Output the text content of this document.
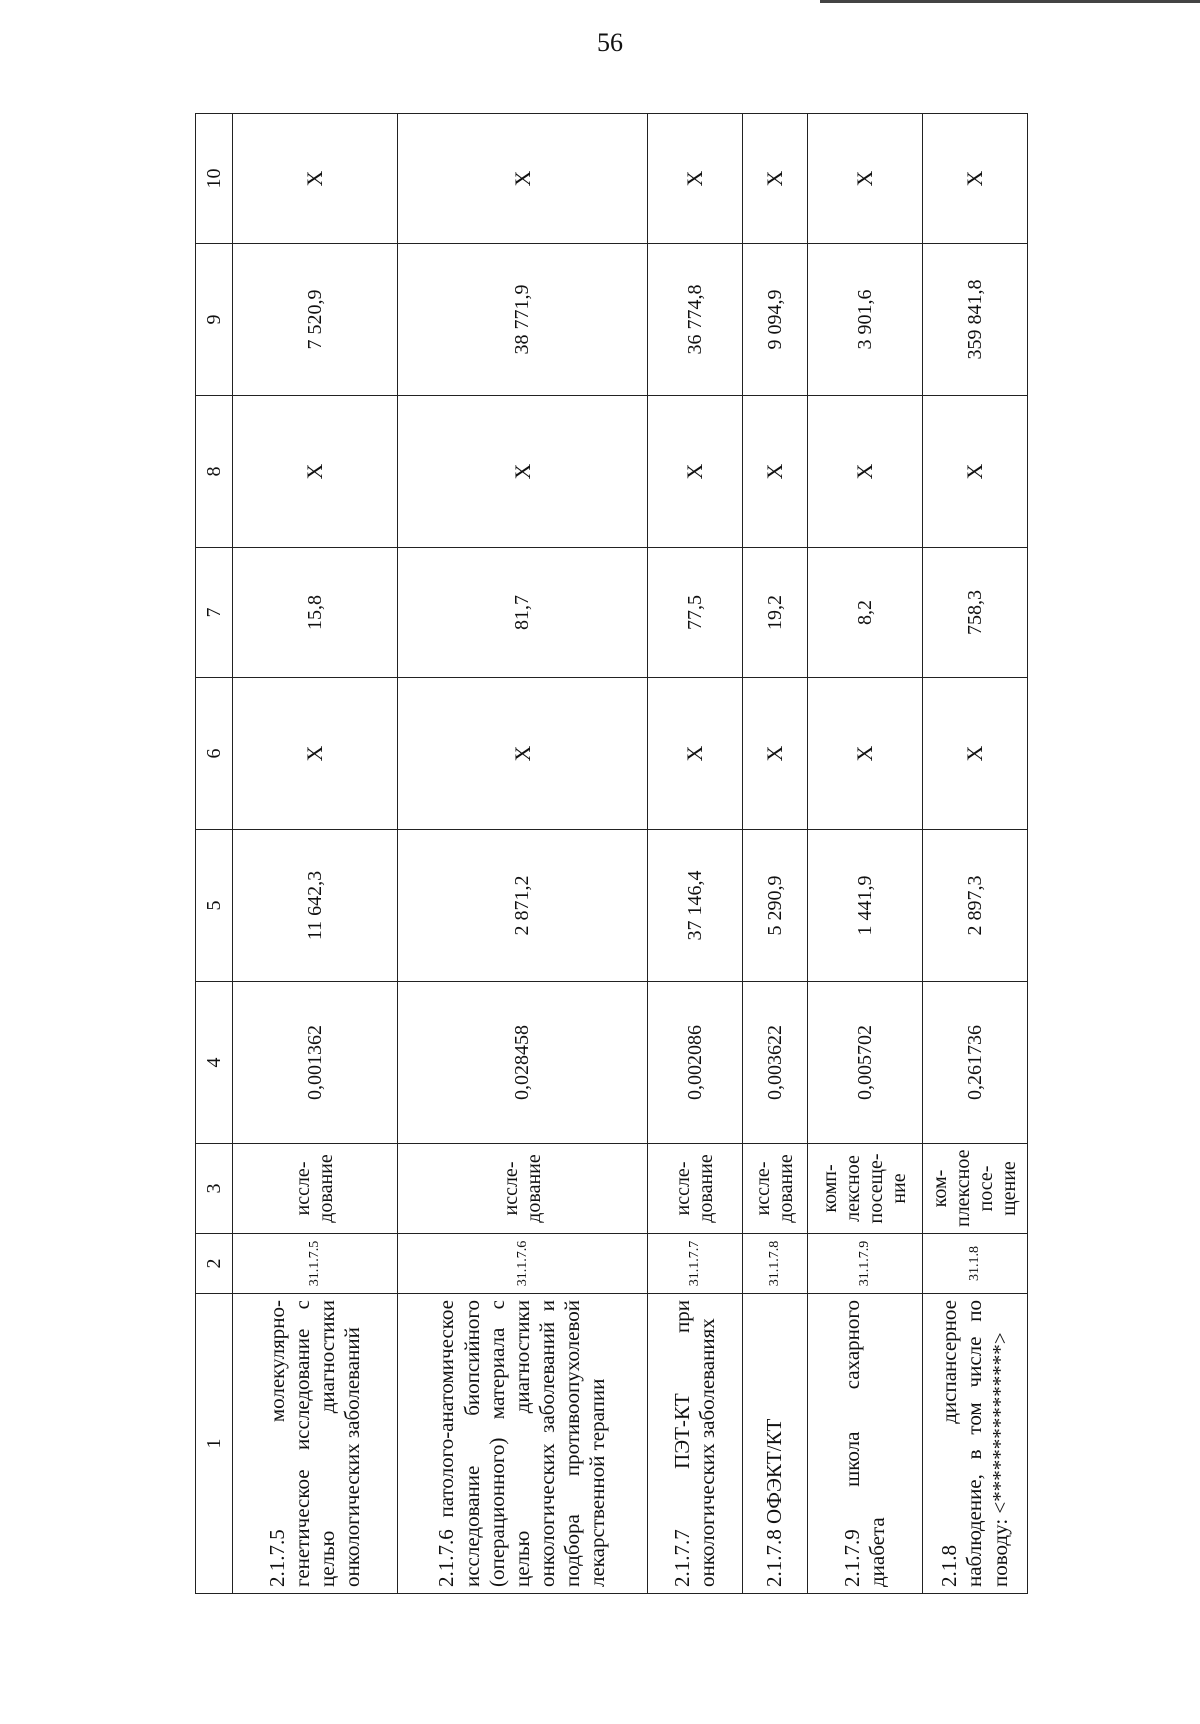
56
1	2	3	4	5	6	7	8	9	10
2.1.7.5 молекулярно-генетическое исследование с целью диагностики онкологических заболеваний	31.1.7.5	иссле-дование	0,001362	11 642,3	X	15,8	X	7 520,9	X
2.1.7.6 патолого-анатомическое исследование биопсийного (операционного) материала с целью диагностики онкологических заболеваний и подбора противоопухолевой лекарственной терапии	31.1.7.6	иссле-дование	0,028458	2 871,2	X	81,7	X	38 771,9	X
2.1.7.7 ПЭТ-КТ при онкологических заболеваниях	31.1.7.7	иссле-дование	0,002086	37 146,4	X	77,5	X	36 774,8	X
2.1.7.8 ОФЭКТ/КТ	31.1.7.8	иссле-дование	0,003622	5 290,9	X	19,2	X	9 094,9	X
2.1.7.9 школа сахарного диабета	31.1.7.9	комп-лексное посеще-ние	0,005702	1 441,9	X	8,2	X	3 901,6	X
2.1.8 диспансерное наблюдение, в том числе по поводу: <***************>	31.1.8	ком-плексное посе-щение	0,261736	2 897,3	X	758,3	X	359 841,8	X
